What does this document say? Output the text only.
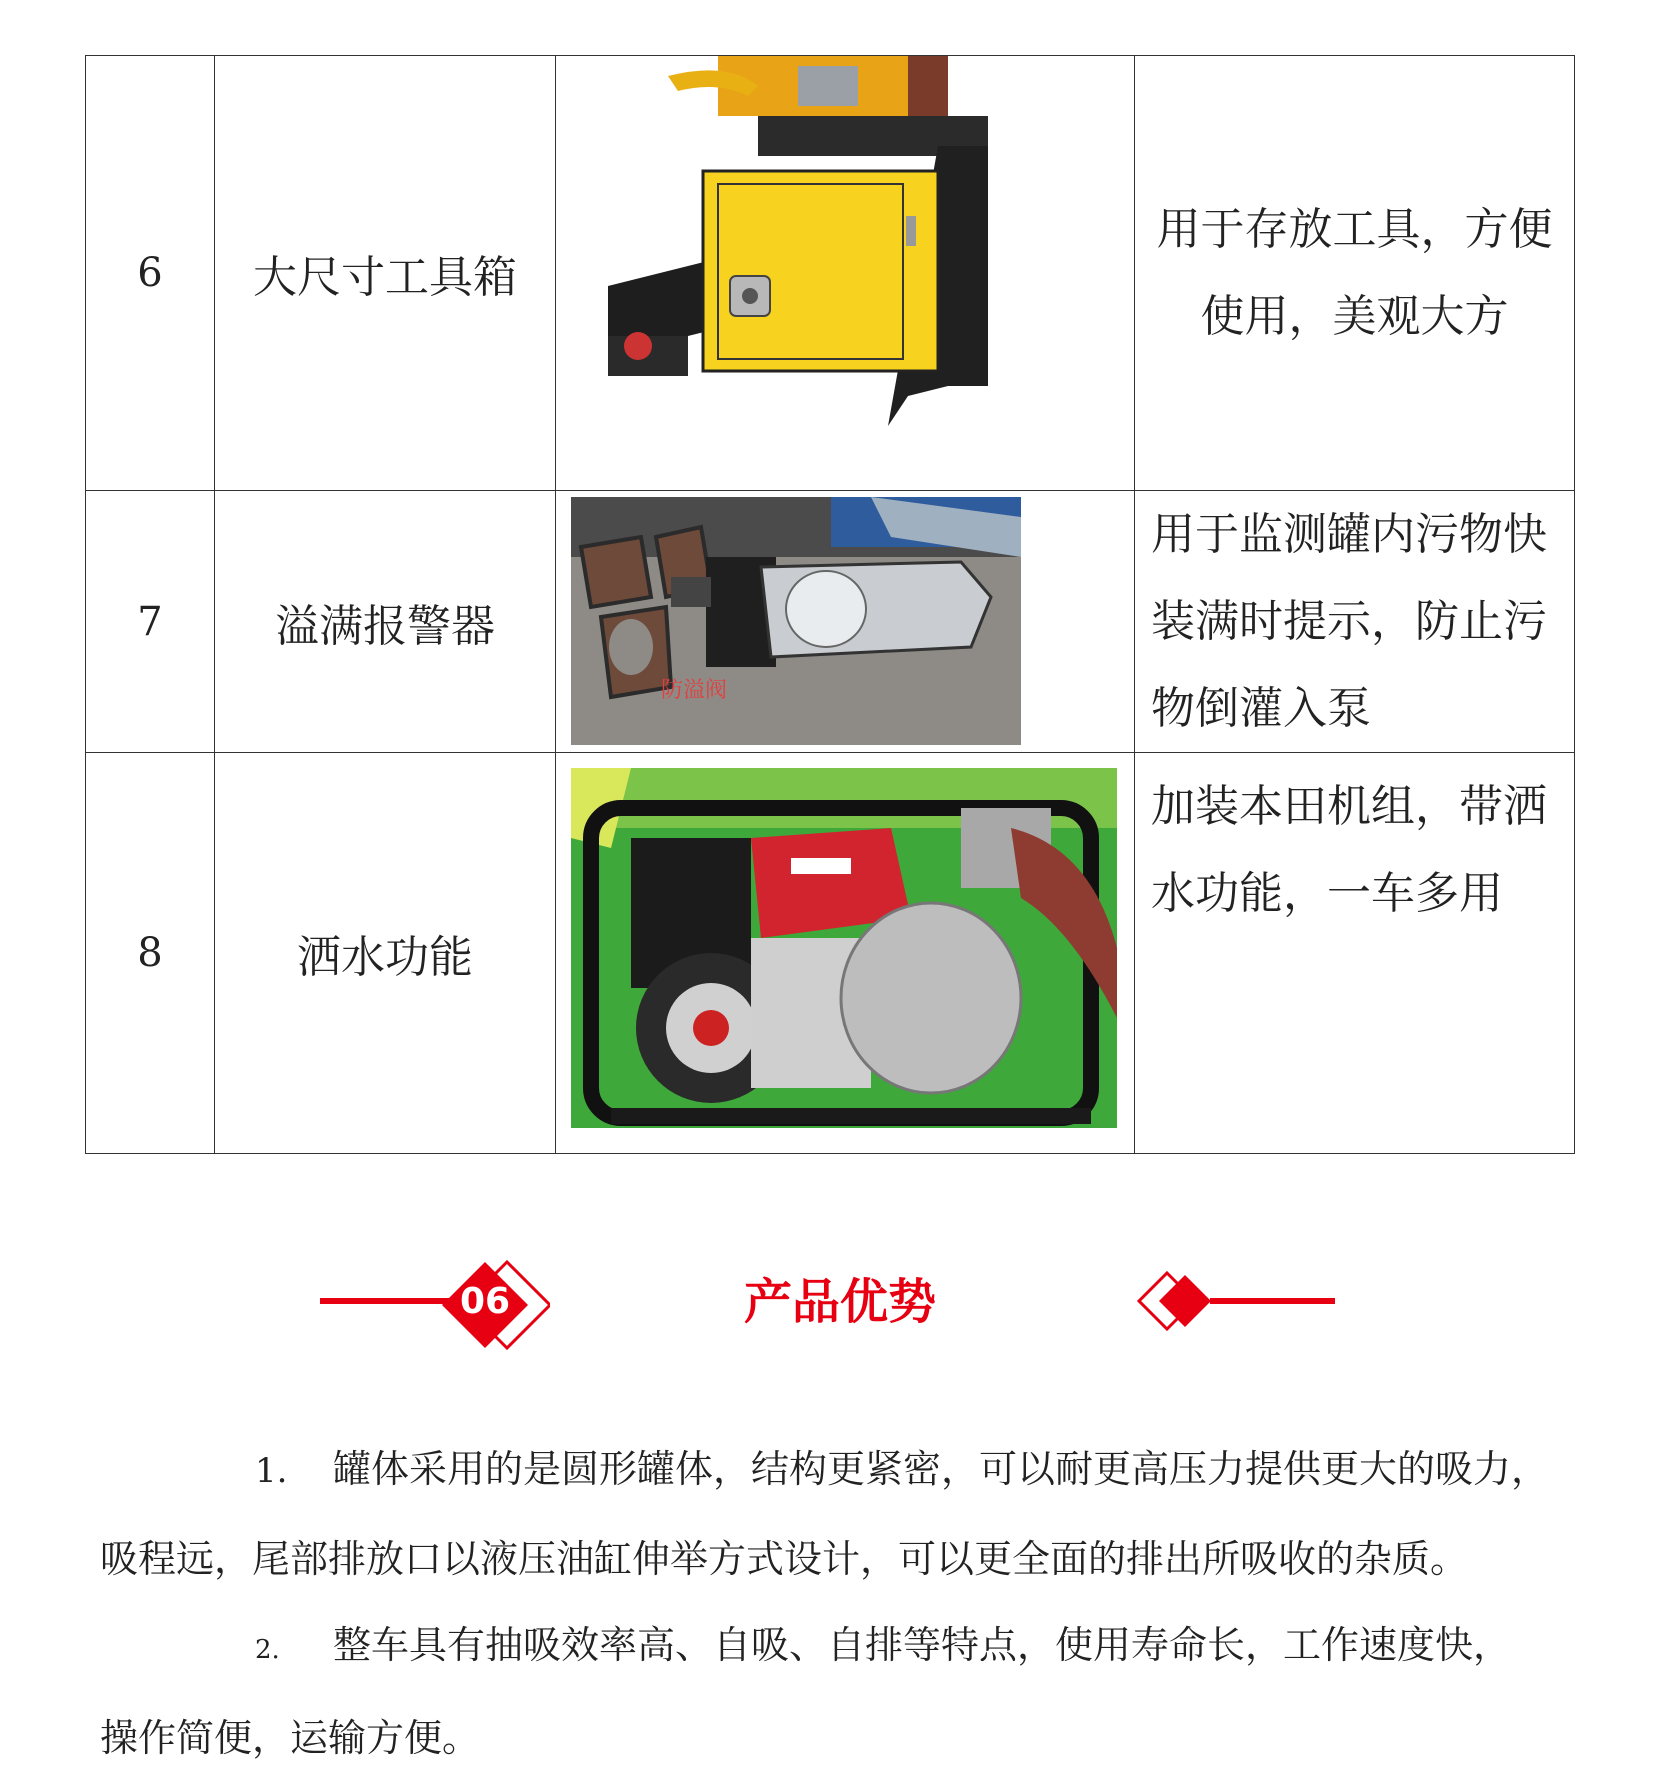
6	大尺寸工具箱		用于存放工具，方便
使用，美观大方

7	溢满报警器	防溢阀	用于监测罐内污物快
装满时提示，防止污
物倒灌入泵

8	洒水功能		加装本田机组，带洒
水功能，一车多用
06	产品优势
1. 罐体采用的是圆形罐体，结构更紧密，可以耐更高压力提供更大的吸力，
吸程远，尾部排放口以液压油缸伸举方式设计，可以更全面的排出所吸收的杂质。
2. 整车具有抽吸效率高、自吸、自排等特点，使用寿命长，工作速度快，
操作简便，运输方便。
